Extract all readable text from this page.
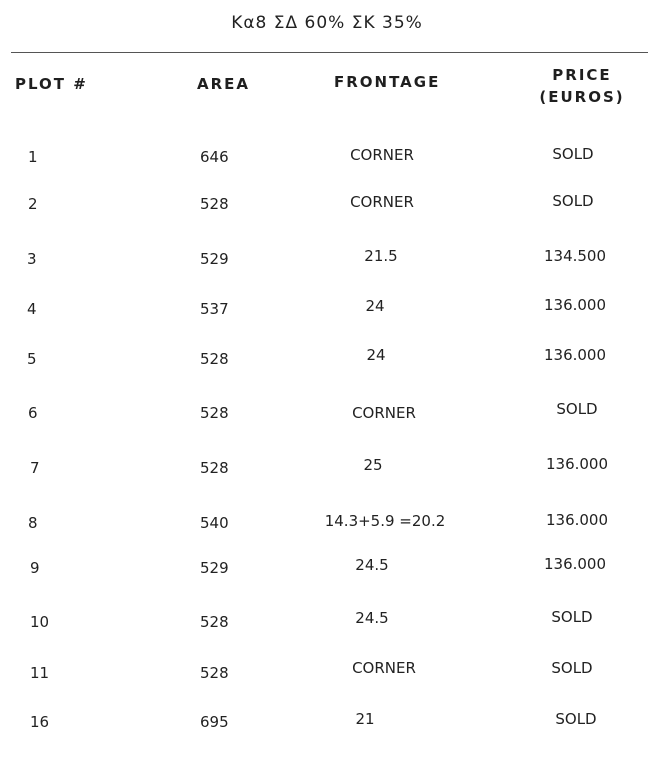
Κα8 ΣΔ 60% ΣΚ 35%
PLOT #	AREA	FRONTAGE	PRICE
(EUROS)
1	646	CORNER	SOLD
2	528	CORNER	SOLD
3	529	21.5	134.500
4	537	24	136.000
5	528	24	136.000
6	528	CORNER	SOLD
7	528	25	136.000
8	540	14.3+5.9 =20.2	136.000
9	529	24.5	136.000
10	528	24.5	SOLD
11	528	CORNER	SOLD
16	695	21	SOLD
